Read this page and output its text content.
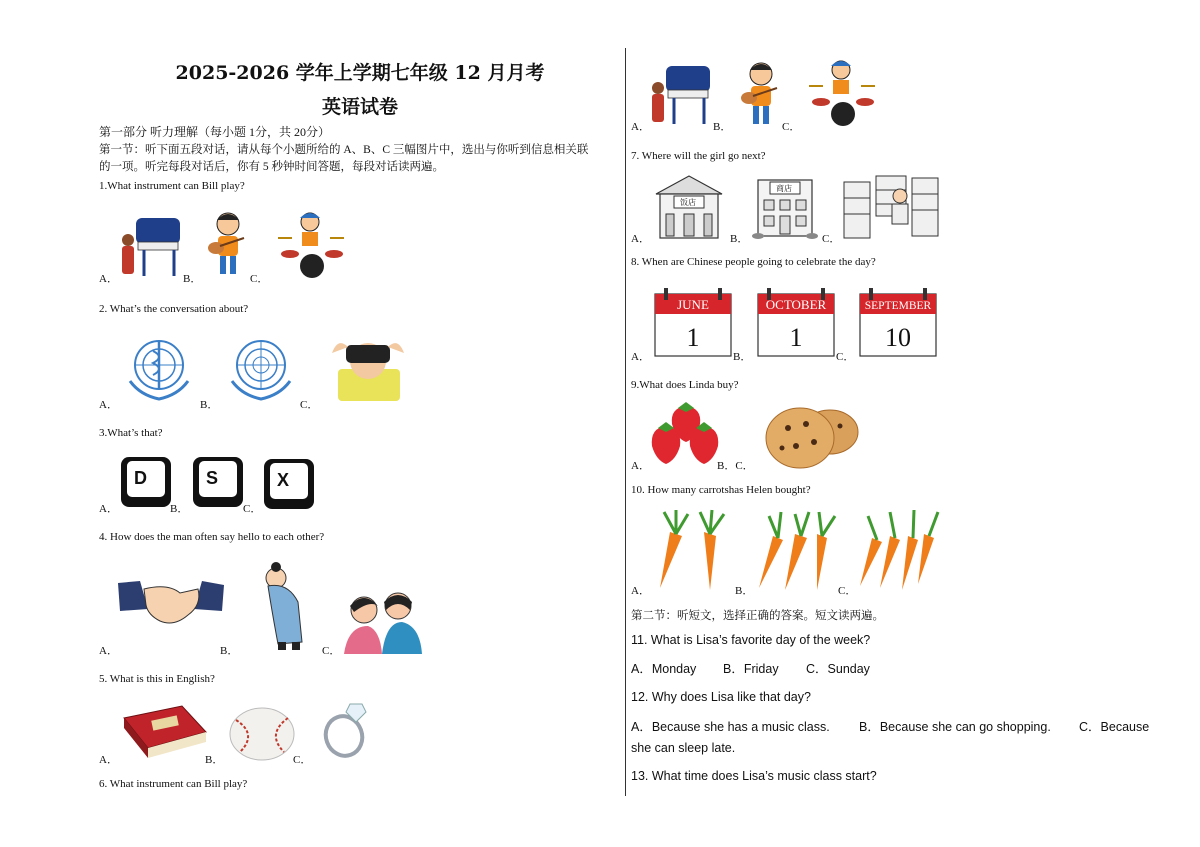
2025-2026 学年上学期七年级 12 月月考
英语试卷
第一部分 听力理解（每小题 1分，共 20分）
第一节：听下面五段对话，请从每个小题所给的 A、B、C 三幅图片中，选出与你听到信息相关联
的一项。听完每段对话后，你有 5 秒钟时间答题，每段对话读两遍。
1.What instrument can Bill play?
A．	B．	C．
2. What’s the conversation about?
A．	B．	C．
3.What’s that?
A．	B．	C．
D	S	X
4. How does the man often say hello to each other?
A．	B．	C．
5. What is this in English?
A．	B．	C．
6. What instrument can Bill play?
A．	B．	C．
7. Where will the girl go next?
A．	B．	C．
饭店
商店
8. When are Chinese people going to celebrate the day?
A．	B．	C．
JUNE
1
OCTOBER
1
SEPTEMBER
10
9.What does Linda buy?
A．	B．C．
10. How many carrotshas Helen bought?
A．	B．	C．
第二节：听短文，选择正确的答案。短文读两遍。
11. What is Lisa’s favorite day of the week?
A．Monday B．Friday C．Sunday
12. Why does Lisa like that day?
A．Because she has a music class. B．Because she can go shopping. C．Because
she can sleep late.
13. What time does Lisa’s music class start?
